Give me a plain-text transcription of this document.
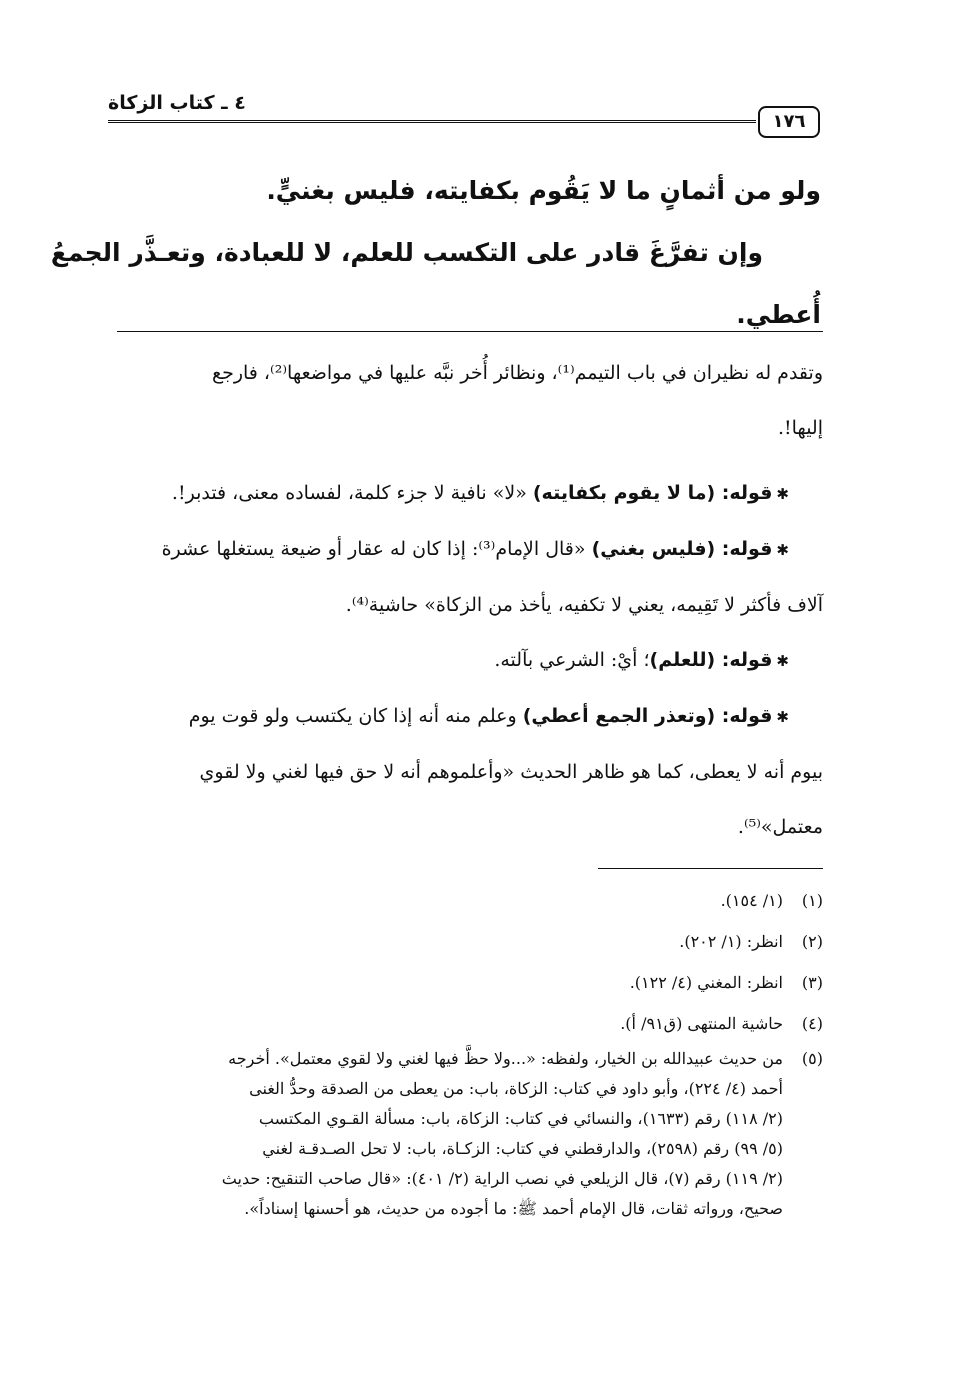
٤ ـ كتاب الزكاة
١٧٦

ولو من أثمانٍ ما لا يَقُوم بكفايته، فليس بغنيٍّ.

وإن تفرَّغَ قادر على التكسب للعلم، لا للعبادة، وتعـذَّر الجمعُ

أُعطي.

وتقدم له نظيران في باب التيمم⁽¹⁾، ونظائر أُخر نبَّه عليها في مواضعها⁽²⁾، فارجع

إليها!.

✱قوله: (ما لا يقوم بكفايته) «لا» نافية لا جزء كلمة، لفساده معنى، فتدبر!.

✱قوله: (فليس بغني) «قال الإمام⁽³⁾: إذا كان له عقار أو ضيعة يستغلها عشرة

آلاف فأكثر لا تَقِيمه، يعني لا تكفيه، يأخذ من الزكاة» حاشية⁽⁴⁾.

✱قوله: (للعلم)؛ أيْ: الشرعي بآلته.

✱قوله: (وتعذر الجمع أعطي) وعلم منه أنه إذا كان يكتسب ولو قوت يوم

بيوم أنه لا يعطى، كما هو ظاهر الحديث «وأعلموهم أنه لا حق فيها لغني ولا لقوي

معتمل»⁽⁵⁾.

(١)(١/ ١٥٤).

(٢)انظر: (١/ ٢٠٢).

(٣)انظر: المغني (٤/ ١٢٢).

(٤)حاشية المنتهى (ق٩١/ أ).

(٥)من حديث عبيدالله بن الخيار، ولفظه: «...ولا حظَّ فيها لغني ولا لقوي معتمل». أخرجه

أحمد (٤/ ٢٢٤)، وأبو داود في كتاب: الزكاة، باب: من يعطى من الصدقة وحدُّ الغنى

(٢/ ١١٨) رقم (١٦٣٣)، والنسائي في كتاب: الزكاة، باب: مسألة القـوي المكتسب

(٥/ ٩٩) رقم (٢٥٩٨)، والدارقطني في كتاب: الزكـاة، باب: لا تحل الصـدقـة لغني

(٢/ ١١٩) رقم (٧)، قال الزيلعي في نصب الراية (٢/ ٤٠١): «قال صاحب التنقيح: حديث

صحيح، ورواته ثقات، قال الإمام أحمد ﷺ: ما أجوده من حديث، هو أحسنها إسناداً».
